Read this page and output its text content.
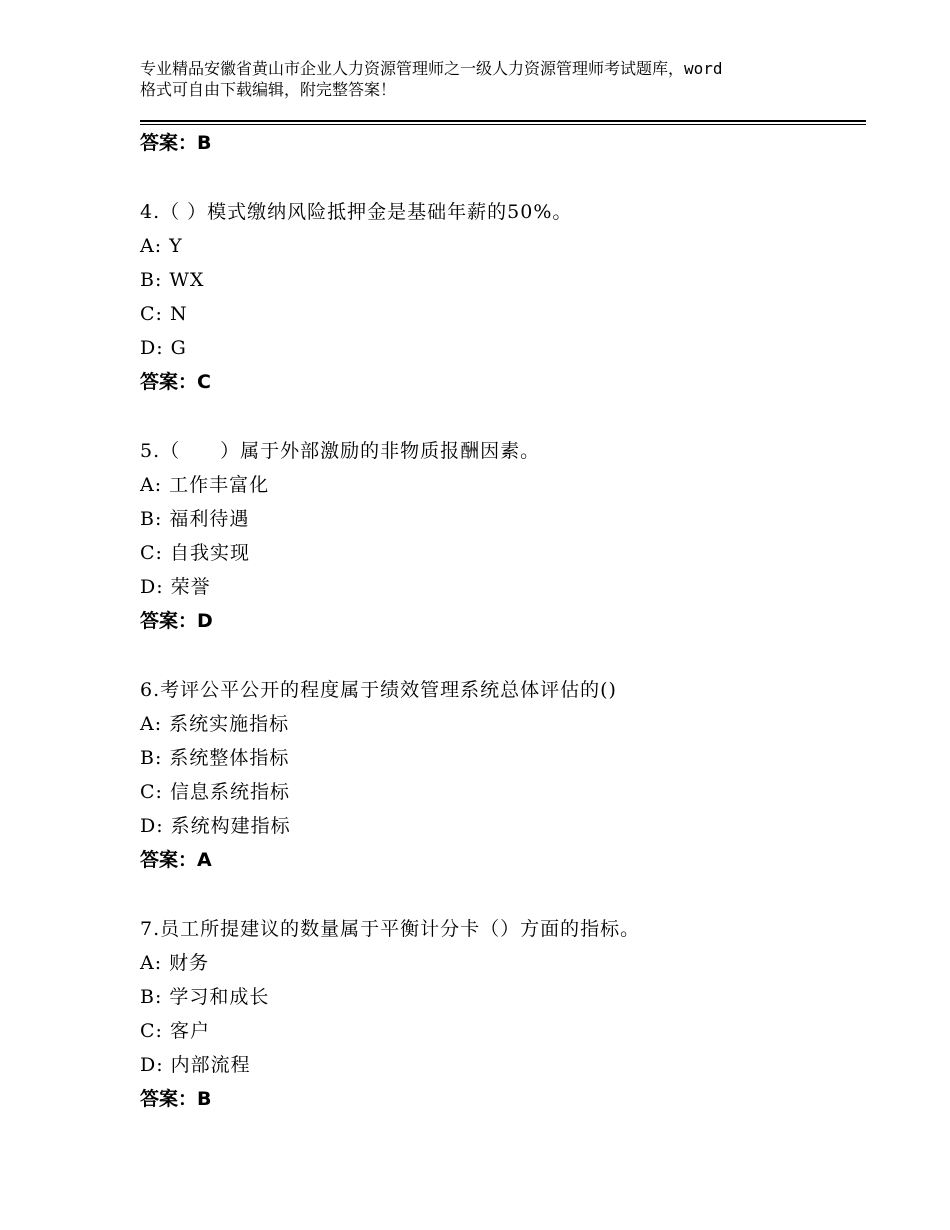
专业精品安徽省黄山市企业人力资源管理师之一级人力资源管理师考试题库，word
格式可自由下载编辑，附完整答案！
答案：B
4.（ ）模式缴纳风险抵押金是基础年薪的50%。
A: Y
B: WX
C: N
D: G
答案：C
5.（　　）属于外部激励的非物质报酬因素。
A: 工作丰富化
B: 福利待遇
C: 自我实现
D: 荣誉
答案：D
6.考评公平公开的程度属于绩效管理系统总体评估的()
A: 系统实施指标
B: 系统整体指标
C: 信息系统指标
D: 系统构建指标
答案：A
7.员工所提建议的数量属于平衡计分卡（）方面的指标。
A: 财务
B: 学习和成长
C: 客户
D: 内部流程
答案：B
